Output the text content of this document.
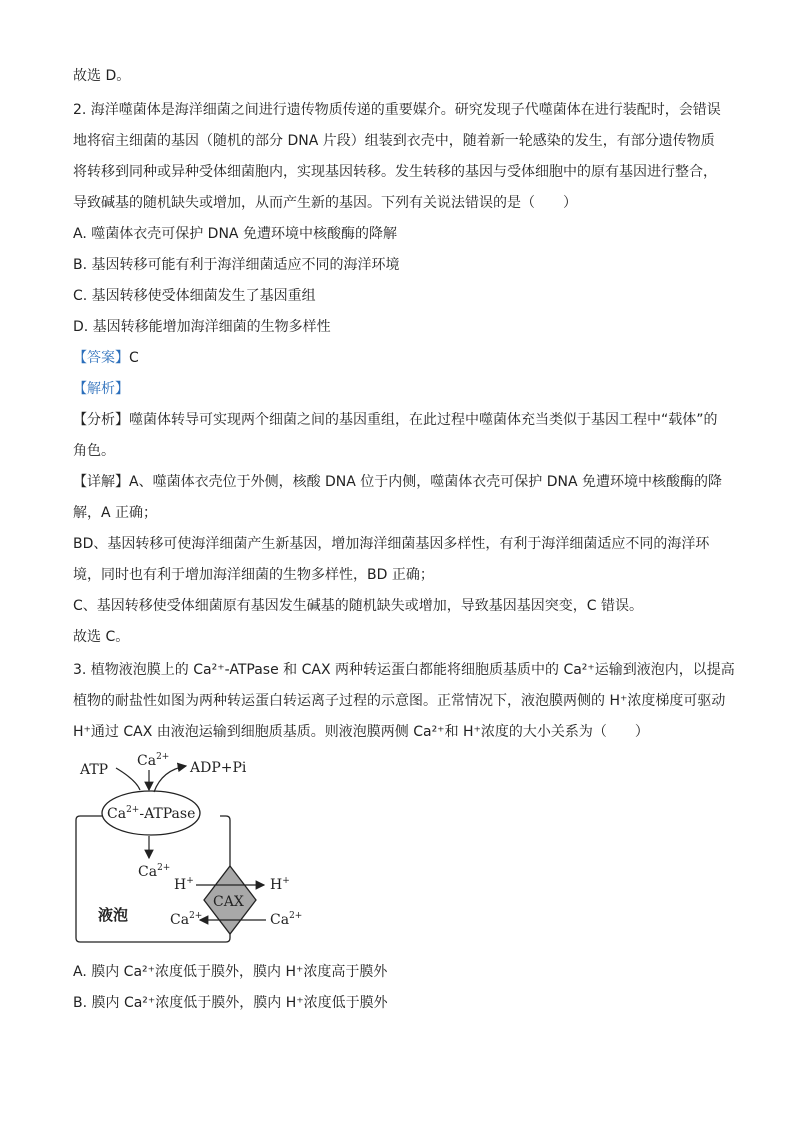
故选 D。

2. 海洋噬菌体是海洋细菌之间进行遗传物质传递的重要媒介。研究发现子代噬菌体在进行装配时，会错误

地将宿主细菌的基因（随机的部分 DNA 片段）组装到衣壳中，随着新一轮感染的发生，有部分遗传物质

将转移到同种或异种受体细菌胞内，实现基因转移。发生转移的基因与受体细胞中的原有基因进行整合，

导致碱基的随机缺失或增加，从而产生新的基因。下列有关说法错误的是（　　）

A. 噬菌体衣壳可保护 DNA 免遭环境中核酸酶的降解

B. 基因转移可能有利于海洋细菌适应不同的海洋环境

C. 基因转移使受体细菌发生了基因重组

D. 基因转移能增加海洋细菌的生物多样性

【答案】C

【解析】

【分析】噬菌体转导可实现两个细菌之间的基因重组，在此过程中噬菌体充当类似于基因工程中“载体”的

角色。

【详解】A、噬菌体衣壳位于外侧，核酸 DNA 位于内侧，噬菌体衣壳可保护 DNA 免遭环境中核酸酶的降

解，A 正确；

BD、基因转移可使海洋细菌产生新基因，增加海洋细菌基因多样性，有利于海洋细菌适应不同的海洋环

境，同时也有利于增加海洋细菌的生物多样性，BD 正确；

C、基因转移使受体细菌原有基因发生碱基的随机缺失或增加，导致基因基因突变，C 错误。

故选 C。

3. 植物液泡膜上的 Ca²⁺-ATPase 和 CAX 两种转运蛋白都能将细胞质基质中的 Ca²⁺运输到液泡内，以提高

植物的耐盐性如图为两种转运蛋白转运离子过程的示意图。正常情况下，液泡膜两侧的 H⁺浓度梯度可驱动

H⁺通过 CAX 由液泡运输到细胞质基质。则液泡膜两侧 Ca²⁺和 H⁺浓度的大小关系为（　　）

$Ca^{2+}$-ATPase
ATP
$Ca^{2+}$
ADP+Pi
$Ca^{2+}$
CAX
H+	H+
$Ca^{2+}$	$Ca^{2+}$
液泡

A. 膜内 Ca²⁺浓度低于膜外，膜内 H⁺浓度高于膜外

B. 膜内 Ca²⁺浓度低于膜外，膜内 H⁺浓度低于膜外
